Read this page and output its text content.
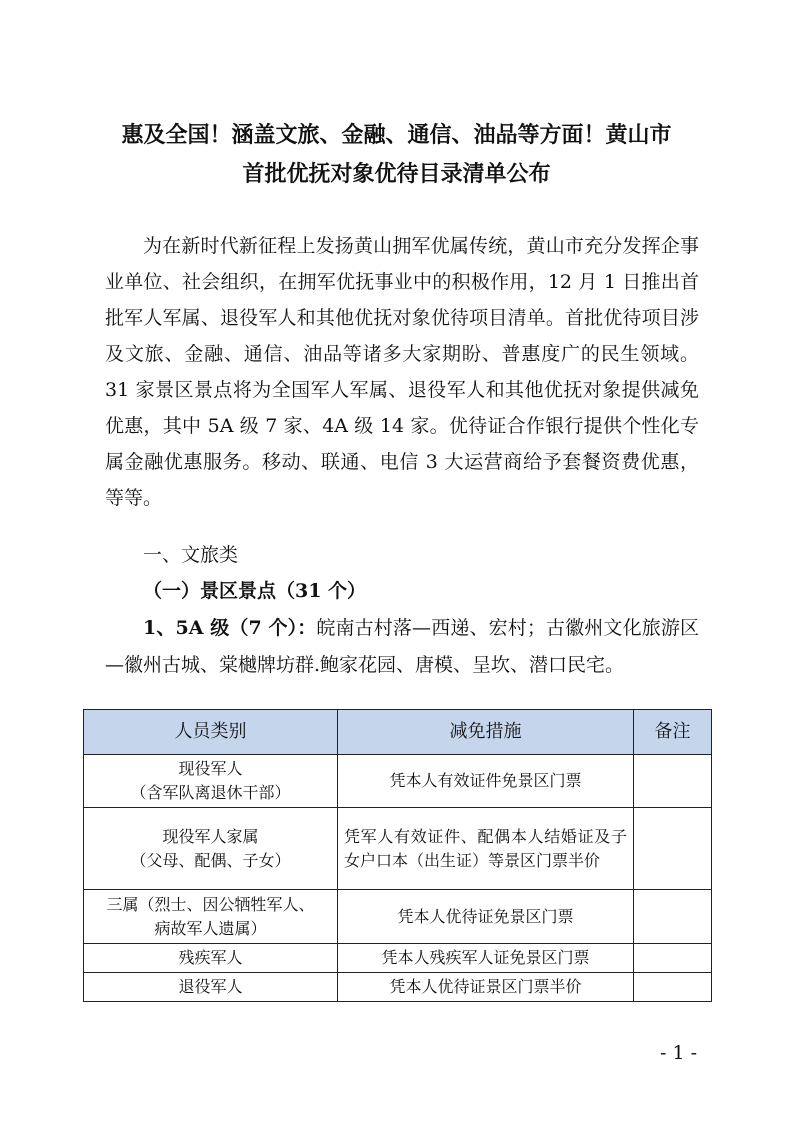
惠及全国！涵盖文旅、金融、通信、油品等方面！黄山市
首批优抚对象优待目录清单公布

为在新时代新征程上发扬黄山拥军优属传统，黄山市充分发挥企事业单位、社会组织，在拥军优抚事业中的积极作用，12 月 1 日推出首批军人军属、退役军人和其他优抚对象优待项目清单。首批优待项目涉及文旅、金融、通信、油品等诸多大家期盼、普惠度广的民生领域。31 家景区景点将为全国军人军属、退役军人和其他优抚对象提供减免优惠，其中 5A 级 7 家、4A 级 14 家。优待证合作银行提供个性化专属金融优惠服务。移动、联通、电信 3 大运营商给予套餐资费优惠，等等。

一、文旅类
（一）景区景点（31 个）

1、5A 级（7 个）：皖南古村落—西递、宏村；古徽州文化旅游区—徽州古城、棠樾牌坊群.鲍家花园、唐模、呈坎、潜口民宅。

人员类别	减免措施	备注
现役军人
（含军队离退休干部）	凭本人有效证件免景区门票	
现役军人家属
（父母、配偶、子女）	凭军人有效证件、配偶本人结婚证及子女户口本（出生证）等景区门票半价	
三属（烈士、因公牺牲军人、
病故军人遗属）	凭本人优待证免景区门票	
残疾军人	凭本人残疾军人证免景区门票	
退役军人	凭本人优待证景区门票半价	
- 1 -
